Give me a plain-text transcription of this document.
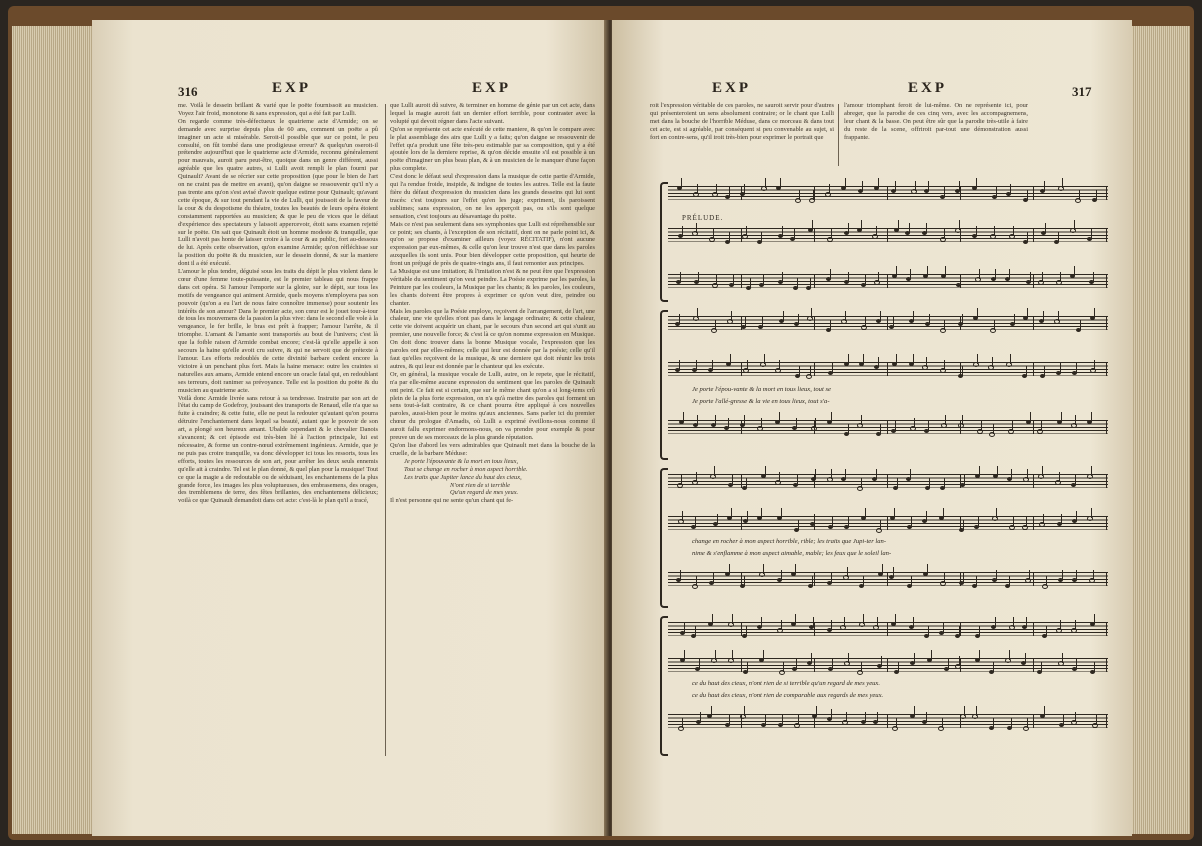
316	EXP	EXP

me. Voilà le dessein brillant & varié que le poëte fournissoit au musicien. Voyez l'air froid, monotone & sans expression, qui a été fait par Lulli.

On regarde comme très-défectueux le quatrieme acte d'Armide; on se demande avec surprise depuis plus de 60 ans, comment un poëte a pû imaginer un acte si misérable. Seroit-il possible que sur ce point, le peu consulté, on fût tombé dans une prodigieuse erreur? & quelqu'un oseroit-il prétendre aujourd'hui que le quatrieme acte d'Armide, reconnu généralement pour mauvais, auroit paru peut-être, quoique dans un genre différent, aussi agréable que les quatre autres, si Lulli avoit rempli le plan fourni par Quinault? Avant de se récrier sur cette proposition (que pour le bien de l'art on ne craint pas de mettre en avant), qu'on daigne se ressouvenir qu'il n'y a pas trente ans qu'on s'est avisé d'avoir quelque estime pour Quinault; qu'avant cette époque, & sur tout pendant la vie de Lulli, qui jouissoit de la faveur de la cour & du despotisme du théatre, toutes les beautés de leurs opéra étoient constamment rapportées au musicien; & que le peu de vices que le défaut d'expérience des spectateurs y laissoit appercevoir, étoit sans examen rejetté sur le poëte. On sait que Quinault étoit un homme modeste & tranquille, que Lulli n'avoit pas honte de laisser croire à la cour & au public, fort au-dessous de lui. Après cette observation, qu'on examine Armide; qu'on réfléchisse sur la position du poëte & du musicien, sur le dessein donné, & sur la maniere dont il a été exécuté.

L'amour le plus tendre, déguisé sous les traits du dépit le plus violent dans le cœur d'une femme toute-puissante, est le premier tableau qui nous frappe dans cet opéra. Si l'amour l'emporte sur la gloire, sur le dépit, sur tous les motifs de vengeance qui animent Armide, quels moyens n'employera pas son pouvoir (qu'on a eu l'art de nous faire connoître immense) pour soutenir les intérêts de son amour? Dans le premier acte, son cœur est le jouet tour-à-tour de tous les mouvemens de la passion la plus vive: dans le second elle vole à la vengeance, le fer brille, le bras est prêt à frapper; l'amour l'arrête, & il triomphe. L'amant & l'amante sont transportés au bout de l'univers; c'est là que la foible raison d'Armide combat encore; c'est-là qu'elle appelle à son secours la haine qu'elle avoit cru suivre, & qui ne servoit que de prétexte à l'amour. Les efforts redoublés de cette divinité barbare cedent encore la victoire à un penchant plus fort. Mais la haine menace: outre les craintes si naturelles aux amans, Armide entend encore un oracle fatal qui, en redoublant ses terreurs, doit ranimer sa prévoyance. Telle est la position du poëte & du musicien au quatrieme acte.

Voilà donc Armide livrée sans retour à sa tendresse. Instruite par son art de l'état du camp de Godefroy, jouissant des transports de Renaud, elle n'a que sa fuite à craindre; & cette fuite, elle ne peut la redouter qu'autant qu'on pourra détruire l'enchantement dans lequel sa beauté, autant que le pouvoir de son art, a plongé son heureux amant. Ubalde cependant & le chevalier Danois s'avancent; & cet épisode est très-bien lié à l'action principale, lui est nécessaire, & forme un contre-nœud extrêmement ingénieux. Armide, que je ne puis pas croire tranquille, va donc développer ici tous les ressorts, tous les efforts, toutes les ressources de son art, pour arrêter les deux seuls ennemis qu'elle ait à craindre. Tel est le plan donné, & quel plan pour la musique! Tout ce que la magie a de redoutable ou de séduisant, les enchantemens de la plus grande force, les images les plus voluptueuses, des embrasemens, des orages, des tremblemens de terre, des fêtes brillantes, des enchantemens délicieux; voilà ce que Quinault demandoit dans cet acte: c'est-là le plan qu'il a tracé,

que Lulli auroit dû suivre, & terminer en homme de génie par un cet acte, dans lequel la magie auroit fait un dernier effort terrible, pour contraster avec la volupté qui devoit régner dans l'acte suivant.

Qu'on se représente cet acte exécuté de cette maniere, & qu'on le compare avec le plat assemblage des airs que Lulli y a faits; qu'on daigne se ressouvenir de l'effet qu'a produit une fête très-peu estimable par sa composition, qui y a été ajoutée lors de la derniere reprise, & qu'on décide ensuite s'il est possible à un poëte d'imaginer un plus beau plan, & à un musicien de le manquer d'une façon plus complete.

C'est donc le défaut seul d'expression dans la musique de cette partie d'Armide, qui l'a rendue froide, insipide, & indigne de toutes les autres. Telle est la faute fière du défaut d'expression du musicien dans les grands desseins qui lui sont tracés: c'est toujours sur l'effet qu'en les juge; expriment, ils paroissent sublimes; sans expression, on ne les apperçoit pas, ou s'ils sont quelque sensation, c'est toujours au désavantage du poëte.

Mais ce n'est pas seulement dans ses symphonies que Lulli est répréhensible sur ce point; ses chants, à l'exception de son récitatif, dont on ne parle point ici, & qu'on se propose d'examiner ailleurs (voyez RÉCITATIF), n'ont aucune expression par eux-mêmes, & celle qu'on leur trouve n'est que dans les paroles auxquelles ils sont unis. Pour bien développer cette proposition, qui heurte de front un préjugé de près de quatre-vingts ans, il faut remonter aux principes.

La Musique est une imitation; & l'imitation n'est & ne peut être que l'expression véritable du sentiment qu'on veut peindre. La Poésie exprime par les paroles, la Peinture par les couleurs, la Musique par les chants; & les paroles, les couleurs, les chants doivent être propres à exprimer ce qu'on veut dire, peindre ou chanter.

Mais les paroles que la Poésie employe, reçoivent de l'arrangement, de l'art, une chaleur, une vie qu'elles n'ont pas dans le langage ordinaire; & cette chaleur, cette vie doivent acquérir un chant, par le secours d'un second art qui s'unit au premier, une nouvelle force; & c'est là ce qu'on nomme expression en Musique. On doit donc trouver dans la bonne Musique vocale, l'expression que les paroles ont par elles-mêmes; celle qui leur est donnée par la poésie; celle qu'il faut qu'elles reçoivent de la musique, & une derniere qui doit réunir les trois autres, & qui leur est donnée par le chanteur qui les exécute.

Or, en général, la musique vocale de Lulli, autre, on le repete, que le récitatif, n'a par elle-même aucune expression du sentiment que les paroles de Quinault ont peint. Ce fait est si certain, que sur le même chant qu'on a si long-tems crû plein de la plus forte expression, on n'a qu'à mettre des paroles qui forment un sens tout-à-fait contraire, & ce chant pourra être appliqué à ces nouvelles paroles, aussi-bien pour le moins qu'aux anciennes. Sans parler ici du premier chœur du prologue d'Amadis, où Lulli a exprimé éveillons-nous comme il auroit fallu exprimer endormons-nous, on va prendre pour exemple & pour preuve un de ses morceaux de la plus grande réputation.

Qu'on lise d'abord les vers admirables que Quinault met dans la bouche de la cruelle, de la barbare Méduse:

Je porte l'épouvante & la mort en tous lieux,

Tout se change en rocher à mon aspect horrible.

Les traits que Jupiter lance du haut des cieux,

N'ont rien de si terrible

Qu'un regard de mes yeux.

Il n'est personne qui ne sente qu'un chant qui fe-

EXP	EXP	317

roit l'expression véritable de ces paroles, ne sauroit servir pour d'autres qui présenteroient un sens absolument contraire; or le chant que Lulli met dans la bouche de l'horrible Méduse, dans ce morceau & dans tout cet acte, est si agréable, par conséquent si peu convenable au sujet, si fort en contre-sens, qu'il iroit très-bien pour exprimer le portrait que

l'amour triomphant feroit de lui-même. On ne représente ici, pour abreger, que la parodie de ces cinq vers, avec les accompagnemens, leur chant & la basse. On peut être sûr que la parodie très-utile à faire du reste de la scene, offriroit par-tout une démonstration aussi frappante.

PRÉLUDE.
Je porte l'épou-vante & la mort en tous lieux, tout se
Je porte l'allé-gresse & la vie en tous lieux, tout s'a-
change en rocher à mon aspect horrible, rible; les traits que Jupi-ter lan-
nime & s'enflamme à mon aspect aimable, mable; les feux que le soleil lan-
ce du haut des cieux, n'ont rien de si terrible qu'un regard de mes yeux.
ce du haut des cieux, n'ont rien de comparable aux regards de mes yeux.
